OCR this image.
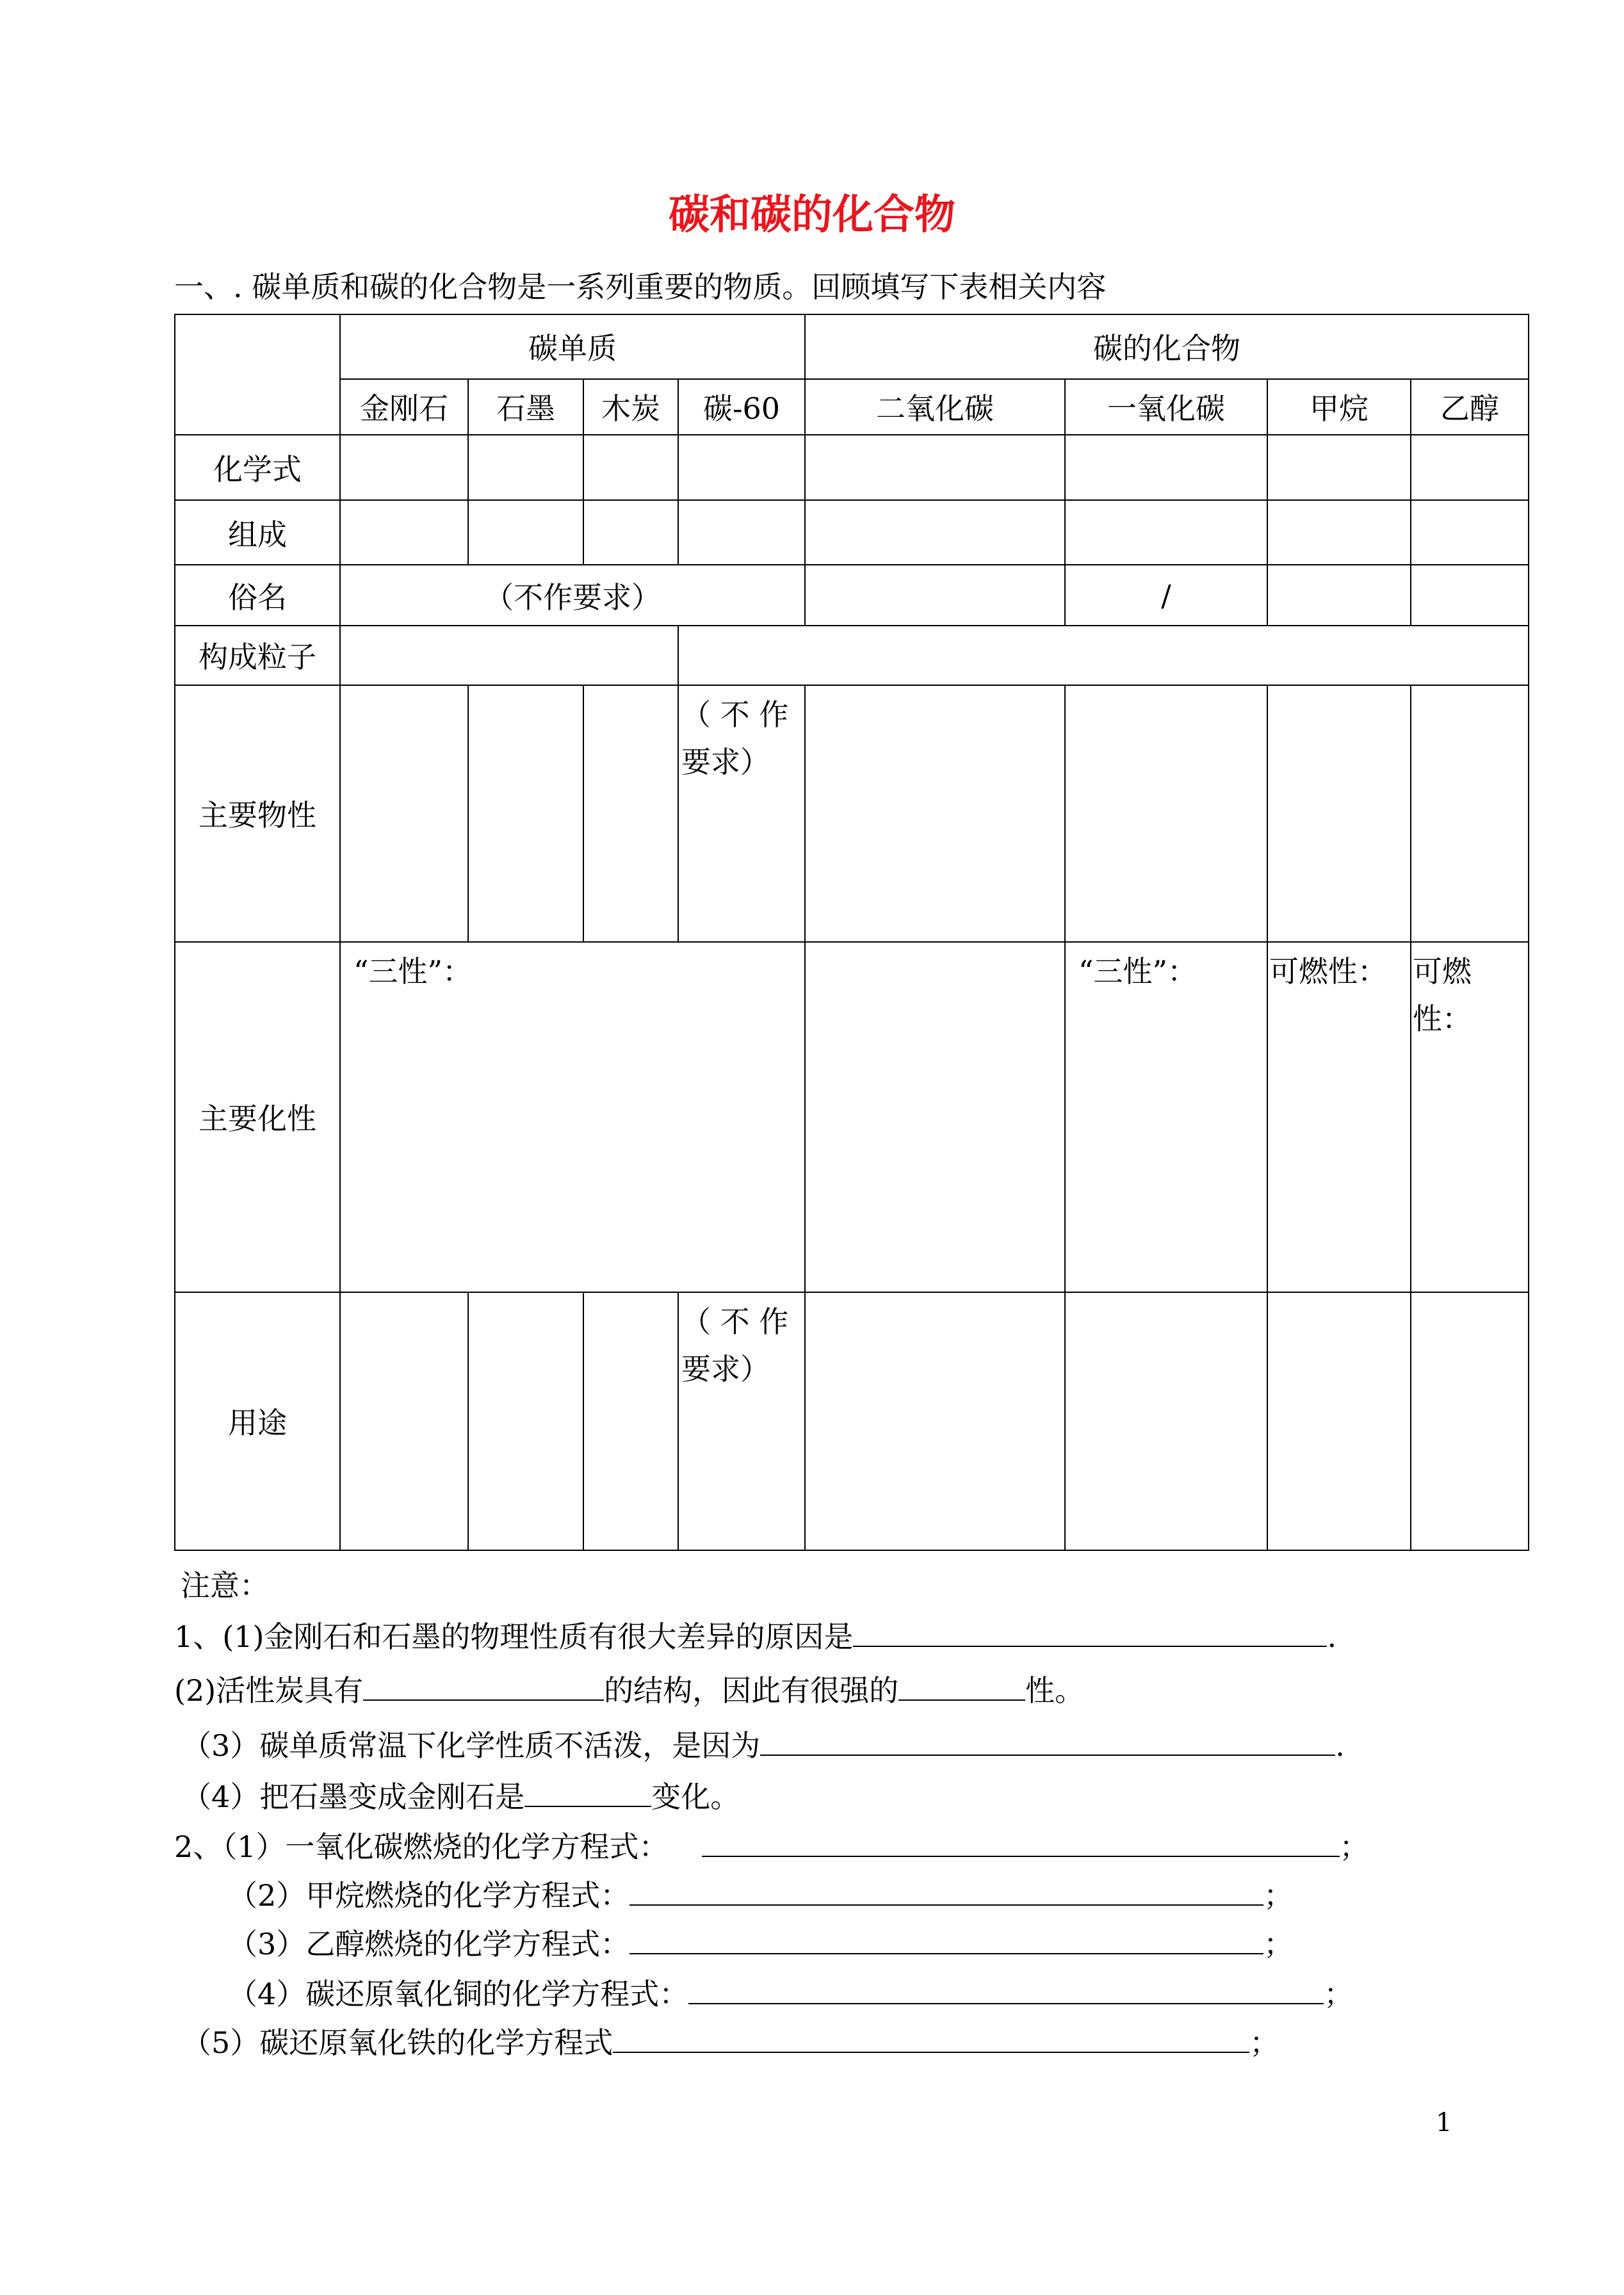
碳和碳的化合物
一、. 碳单质和碳的化合物是一系列重要的物质。回顾填写下表相关内容
	碳单质				碳的化合物			
	金刚石	石墨	木炭	碳-60	二氧化碳	一氧化碳	甲烷	乙醇
化学式								
组成								
俗名	（不作要求）					/		
构成粒子								
主要物性				（ 不 作
要求）				
主要化性	“三性”：					“三性”：	可燃性：	可燃性：
用途				（ 不 作
要求）				
注意：
1、(1)金刚石和石墨的物理性质有很大差异的原因是	.
(2)活性炭具有	的结构，因此有很强的	性。
（3）碳单质常温下化学性质不活泼，是因为	.
（4）把石墨变成金刚石是	变化。
2、（1）一氧化碳燃烧的化学方程式：	；
（2）甲烷燃烧的化学方程式：	；
（3）乙醇燃烧的化学方程式：	；
（4）碳还原氧化铜的化学方程式：	；
（5）碳还原氧化铁的化学方程式	；
1
